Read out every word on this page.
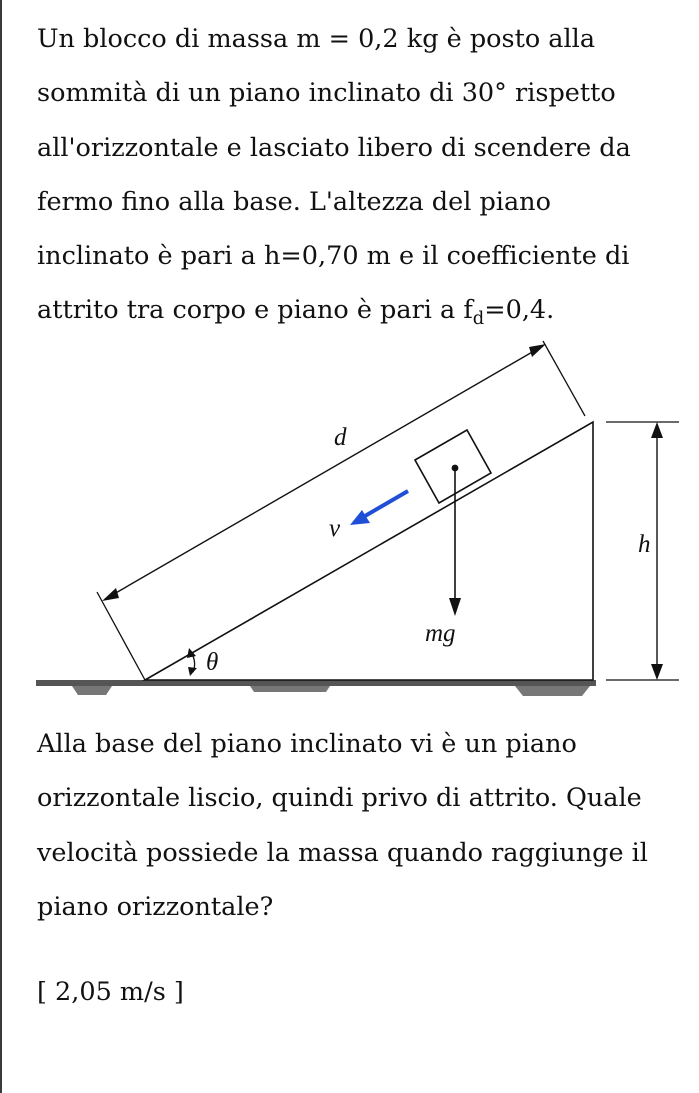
Un blocco di massa m = 0,2 kg è posto alla
sommità di un piano inclinato di 30° rispetto
all'orizzontale e lasciato libero di scendere da
fermo fino alla base. L'altezza del piano
inclinato è pari a h=0,70 m e il coefficiente di
attrito tra corpo e piano è pari a $f_d=0,4$.
mg
v
d
h
θ
Alla base del piano inclinato vi è un piano
orizzontale liscio, quindi privo di attrito. Quale
velocità possiede la massa quando raggiunge il
piano orizzontale?

[ 2,05 m/s ]
